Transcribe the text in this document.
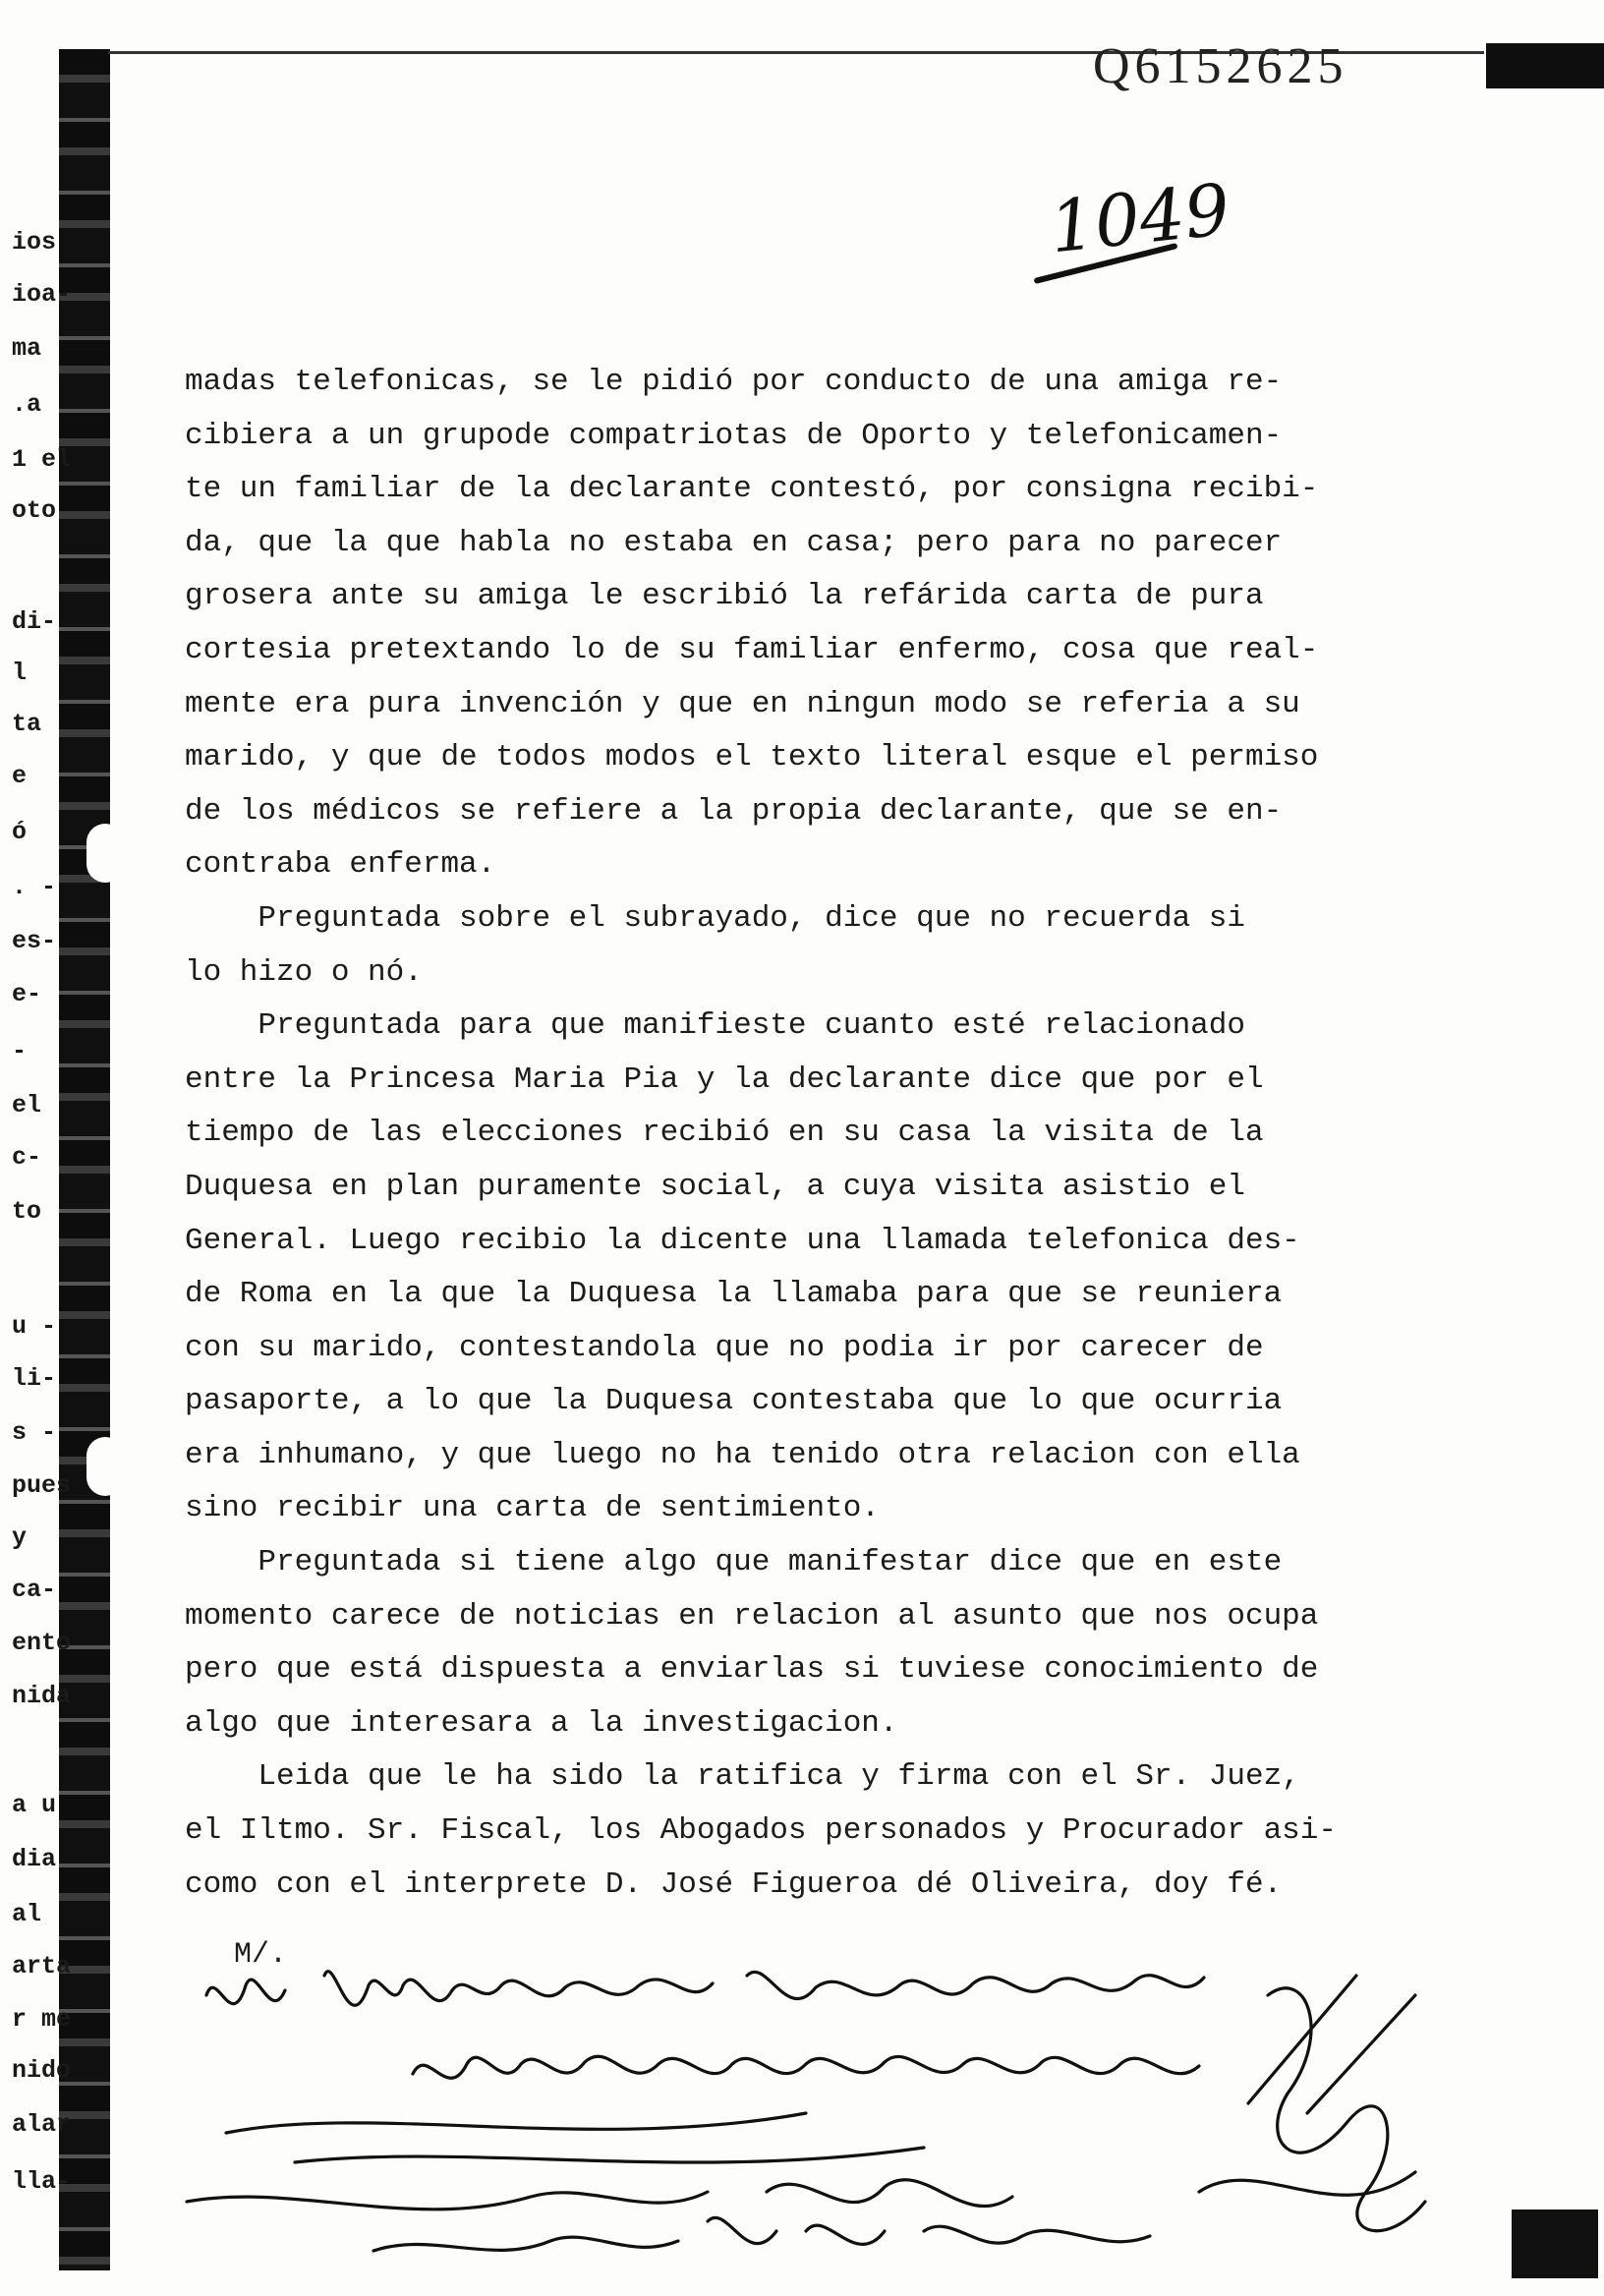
ios
ioa-
ma
.a
1 el
oto
di-
l
ta
e
ó
. -
es-
e-
-
el
c-
to
u -
li-
s -
pues
y
ca-
ento
nida
a u
dia
al
arta
r me
nido
alar
lla-
Q6152625
1049
madas telefonicas, se le pidió por conducto de una amiga re-
cibiera a un grupode compatriotas de Oporto y telefonicamen-
te un familiar de la declarante contestó, por consigna recibi-
da, que la que habla no estaba en casa; pero para no parecer
grosera ante su amiga le escribió la refárida carta de pura
cortesia pretextando lo de su familiar enfermo, cosa que real-
mente era pura invención y que en ningun modo se referia a su
marido, y que de todos modos el texto literal esque el permiso
de los médicos se refiere a la propia declarante, que se en-
contraba enferma.
Preguntada sobre el subrayado, dice que no recuerda si
lo hizo o nó.
Preguntada para que manifieste cuanto esté relacionado
entre la Princesa Maria Pia y la declarante dice que por el
tiempo de las elecciones recibió en su casa la visita de la
Duquesa en plan puramente social, a cuya visita asistio el
General. Luego recibio la dicente una llamada telefonica des-
de Roma en la que la Duquesa la llamaba para que se reuniera
con su marido, contestandola que no podia ir por carecer de
pasaporte, a lo que la Duquesa contestaba que lo que ocurria
era inhumano, y que luego no ha tenido otra relacion con ella
sino recibir una carta de sentimiento.
Preguntada si tiene algo que manifestar dice que en este
momento carece de noticias en relacion al asunto que nos ocupa
pero que está dispuesta a enviarlas si tuviese conocimiento de
algo que interesara a la investigacion.
Leida que le ha sido la ratifica y firma con el Sr. Juez,
el Iltmo. Sr. Fiscal, los Abogados personados y Procurador asi-
como con el interprete D. José Figueroa dé Oliveira, doy fé.
M/.
